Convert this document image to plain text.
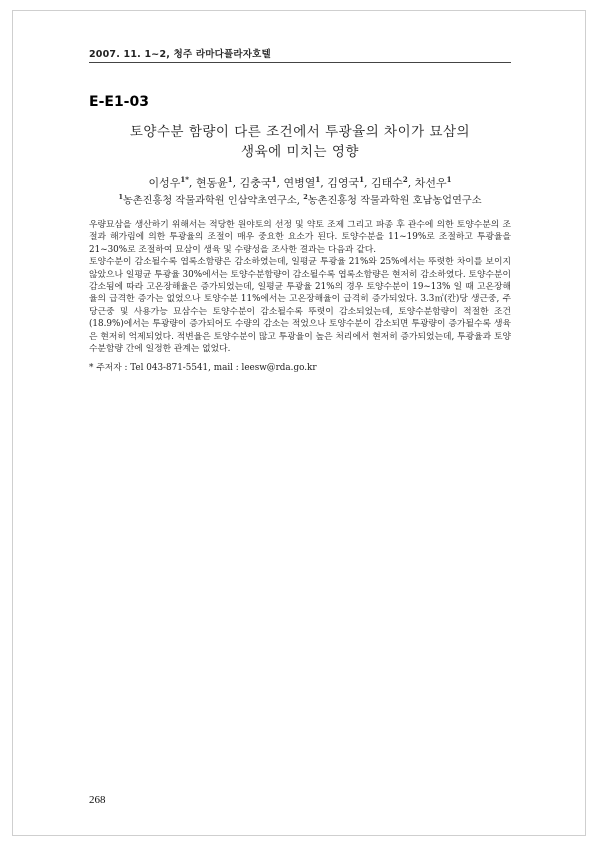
2007. 11. 1~2, 청주 라마다플라자호텔
E-E1-03
토양수분 함량이 다른 조건에서 투광율의 차이가 묘삼의
생육에 미치는 영향
이성우$^{1*}$, 현동윤$^1$, 김충국$^1$, 연병열$^1$, 김영국$^1$, 김태수$^2$, 차선우$^1$
$^1$농촌진흥청 작물과학원 인삼약초연구소, $^2$농촌진흥청 작물과학원 호남농업연구소

우량묘삼을 생산하기 위해서는 적당한 원야토의 선정 및 약토 조제 그리고 파종 후 관수에 의한 토양수분의 조절과 해가림에 의한 투광율의 조절이 매우 중요한 요소가 된다. 토양수분을 11~19%로 조절하고 투광율을 21~30%로 조절하여 묘삼이 생육 및 수량성을 조사한 결과는 다음과 같다.

토양수분이 감소될수록 엽록소함량은 감소하였는데, 일평균 투광율 21%와 25%에서는 뚜렷한 차이를 보이지 않았으나 일평균 투광율 30%에서는 토양수분함량이 감소될수록 엽록소함량은 현저히 감소하였다. 토양수분이 감소됨에 따라 고온장해율은 증가되었는데, 일평균 투광율 21%의 경우 토양수분이 19~13% 일 때 고온장해율의 급격한 증가는 없었으나 토양수분 11%에서는 고온장해율이 급격히 증가되었다. 3.3㎡(칸)당 생근중, 주당근중 및 사용가능 묘삼수는 토양수분이 감소될수록 뚜렷이 감소되었는데, 토양수분함량이 적절한 조건(18.9%)에서는 투광량이 증가되어도 수량의 감소는 적었으나 토양수분이 감소되면 투광량이 증가될수록 생육은 현저히 억제되었다. 적변율은 토양수분이 많고 투광율이 높은 처리에서 현저히 증가되었는데, 투광율과 토양수분함량 간에 일정한 관계는 없었다.

* 주저자 : Tel 043-871-5541, mail : leesw@rda.go.kr
268
